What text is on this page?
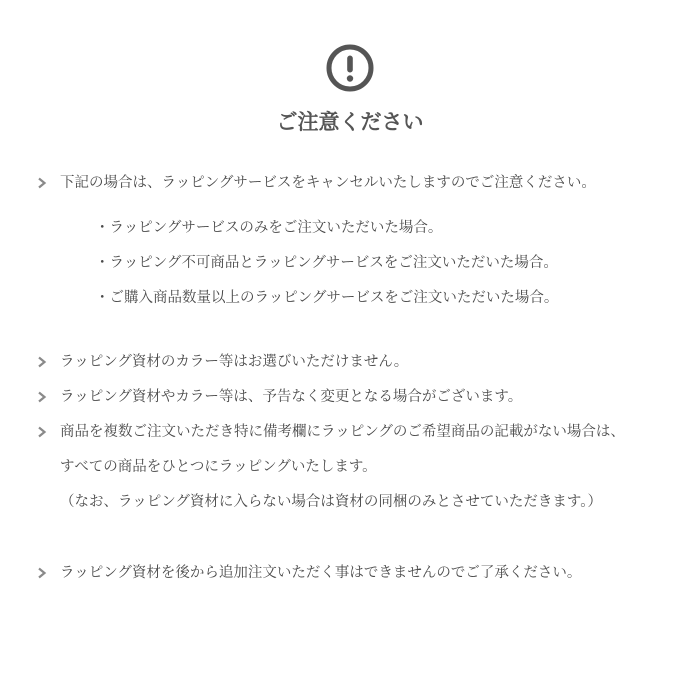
ご注意ください
下記の場合は、ラッピングサービスをキャンセルいたしますのでご注意ください。
・ラッピングサービスのみをご注文いただいた場合。
・ラッピング不可商品とラッピングサービスをご注文いただいた場合。
・ご購入商品数量以上のラッピングサービスをご注文いただいた場合。
ラッピング資材のカラー等はお選びいただけません。
ラッピング資材やカラー等は、予告なく変更となる場合がございます。
商品を複数ご注文いただき特に備考欄にラッピングのご希望商品の記載がない場合は、
すべての商品をひとつにラッピングいたします。
（なお、ラッピング資材に入らない場合は資材の同梱のみとさせていただきます。）
ラッピング資材を後から追加注文いただく事はできませんのでご了承ください。
